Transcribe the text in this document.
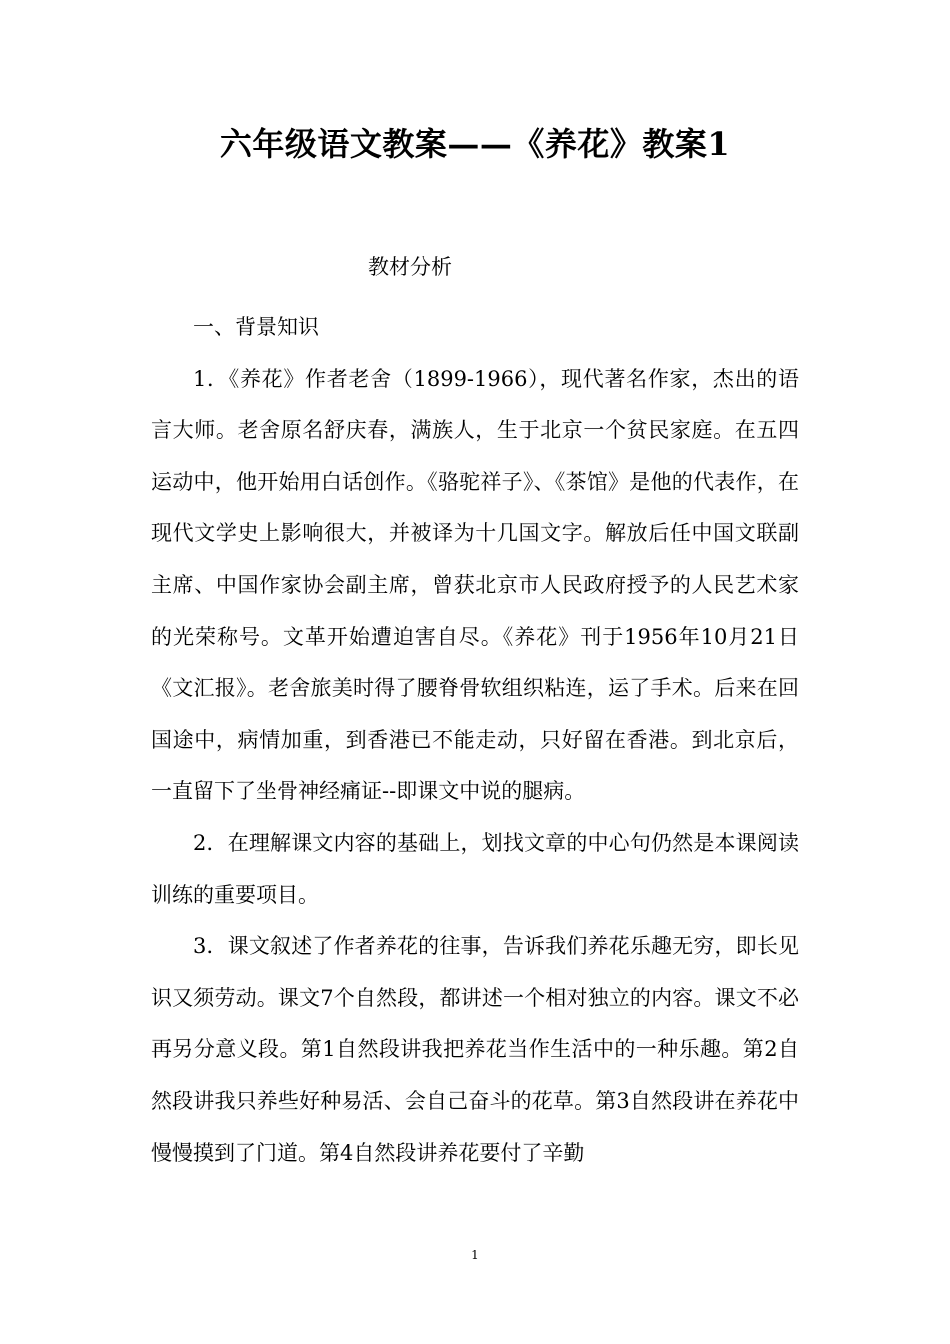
六年级语文教案——《养花》教案1
教材分析

一、背景知识

1．《养花》作者老舍（1899-1966），现代著名作家，杰出的语言大师。老舍原名舒庆春，满族人，生于北京一个贫民家庭。在五四运动中，他开始用白话创作。《骆驼祥子》、《茶馆》是他的代表作，在现代文学史上影响很大，并被译为十几国文字。解放后任中国文联副主席、中国作家协会副主席，曾获北京市人民政府授予的人民艺术家的光荣称号。文革开始遭迫害自尽。《养花》刊于1956年10月21日《文汇报》。老舍旅美时得了腰脊骨软组织粘连，运了手术。后来在回国途中，病情加重，到香港已不能走动，只好留在香港。到北京后，一直留下了坐骨神经痛证--即课文中说的腿病。

2．在理解课文内容的基础上，划找文章的中心句仍然是本课阅读训练的重要项目。

3．课文叙述了作者养花的往事，告诉我们养花乐趣无穷，即长见识又须劳动。课文7个自然段，都讲述一个相对独立的内容。课文不必再另分意义段。第1自然段讲我把养花当作生活中的一种乐趣。第2自然段讲我只养些好种易活、会自己奋斗的花草。第3自然段讲在养花中慢慢摸到了门道。第4自然段讲养花要付了辛勤

1
